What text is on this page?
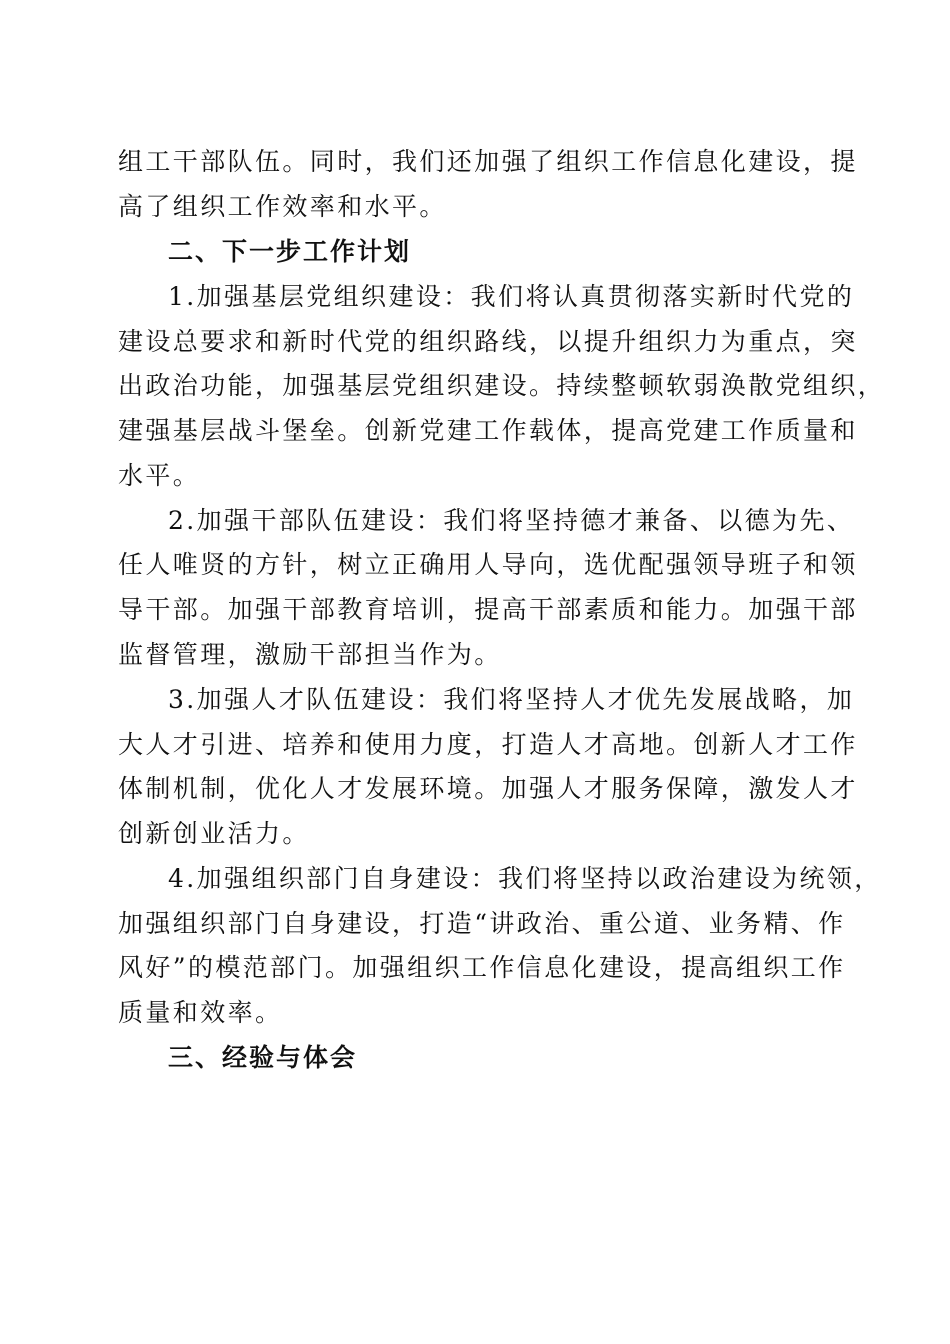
组工干部队伍。同时，我们还加强了组织工作信息化建设，提
高了组织工作效率和水平。
二、下一步工作计划
1.加强基层党组织建设：我们将认真贯彻落实新时代党的
建设总要求和新时代党的组织路线，以提升组织力为重点，突
出政治功能，加强基层党组织建设。持续整顿软弱涣散党组织，
建强基层战斗堡垒。创新党建工作载体，提高党建工作质量和
水平。
2.加强干部队伍建设：我们将坚持德才兼备、以德为先、
任人唯贤的方针，树立正确用人导向，选优配强领导班子和领
导干部。加强干部教育培训，提高干部素质和能力。加强干部
监督管理，激励干部担当作为。
3.加强人才队伍建设：我们将坚持人才优先发展战略，加
大人才引进、培养和使用力度，打造人才高地。创新人才工作
体制机制，优化人才发展环境。加强人才服务保障，激发人才
创新创业活力。
4.加强组织部门自身建设：我们将坚持以政治建设为统领，
加强组织部门自身建设，打造“讲政治、重公道、业务精、作
风好”的模范部门。加强组织工作信息化建设，提高组织工作
质量和效率。
三、经验与体会
